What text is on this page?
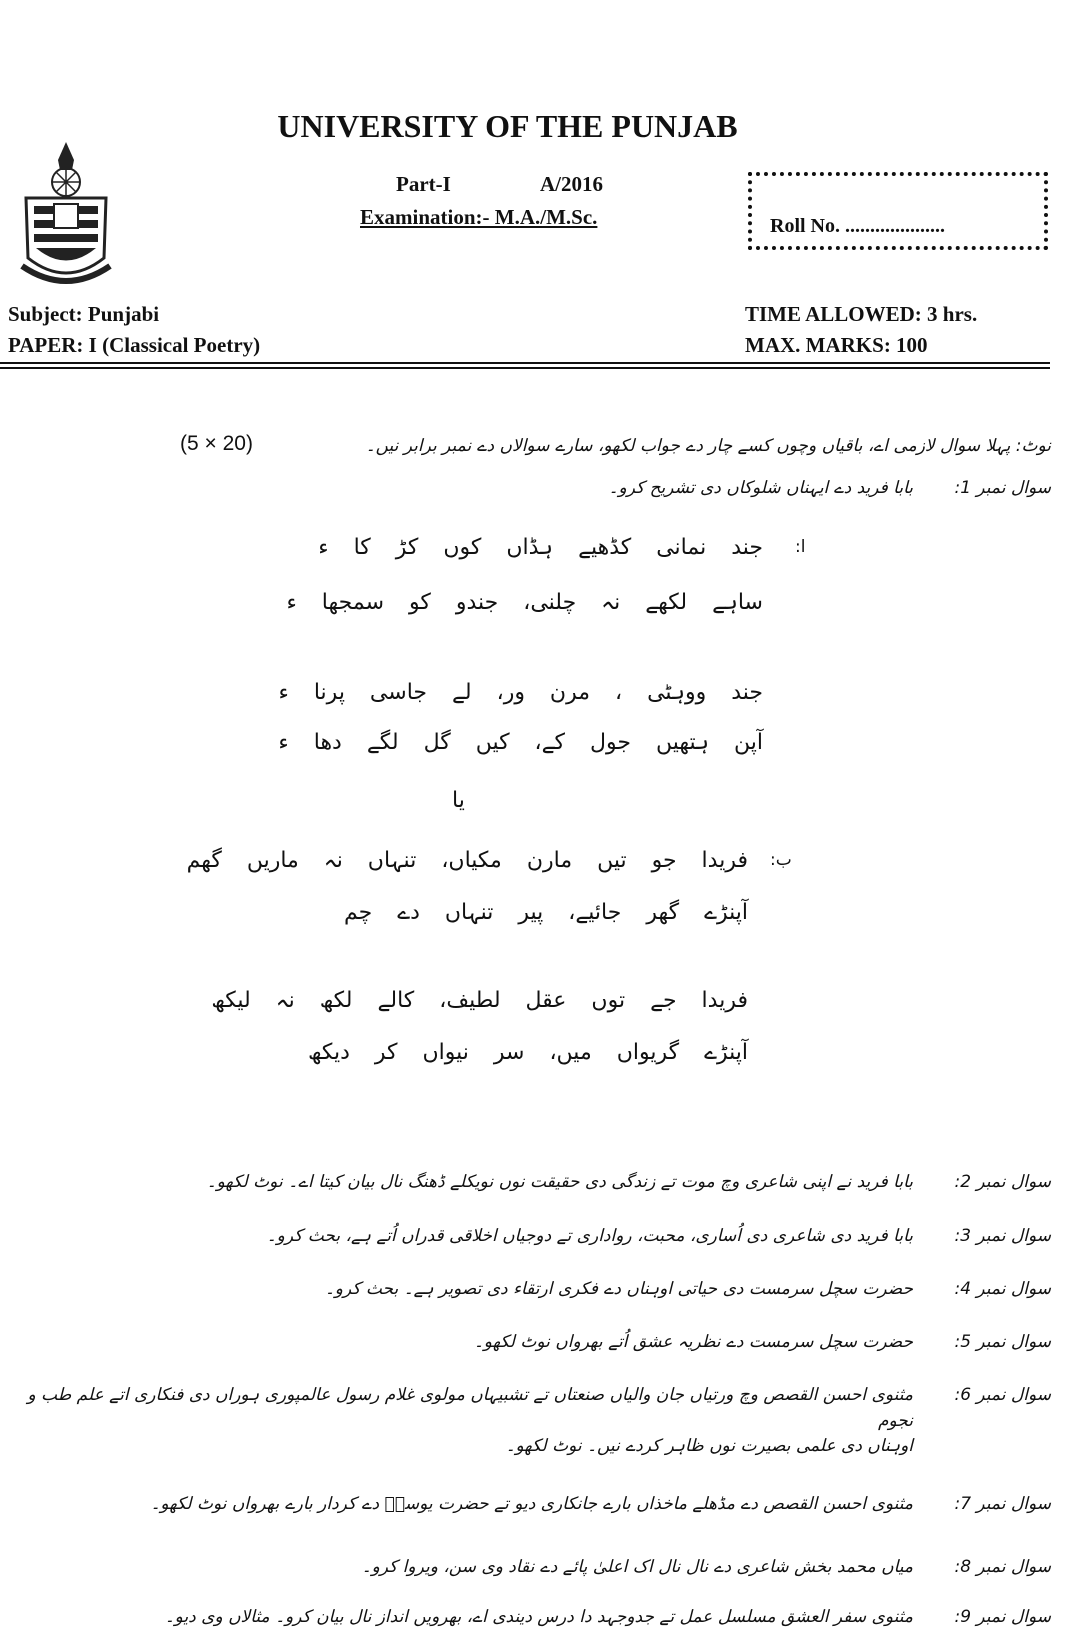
UNIVERSITY OF THE PUNJAB
Part-I	A/2016
Examination:- M.A./M.Sc.	Roll No. ....................
Subject: Punjabi
PAPER: I (Classical Poetry)
TIME ALLOWED: 3 hrs.
MAX. MARKS: 100
نوٹ: پہلا سوال لازمی اے، باقیاں وچوں کسے چار دے جواب لکھو، سارے سوالاں دے نمبر برابر نیں۔
(5 × 20)
سوال نمبر 1:
بابا فرید دے ایہناں شلوکاں دی تشریح کرو۔
ا:
جند نمانی کڈھیے ہڈاں کوں کڑ کا ء
ساہے لکھے نہ چلنی، جندو کو سمجھا ء
جند ووہٹی ، مرن ور، لے جاسی پرنا ء
آپن ہتھیں جول کے، کیں گل لگے دھا ء
یا
ب:
فریدا جو تیں مارن مکیاں، تنہاں نہ ماریں گھم
آپنڑے گھر جائیے، پیر تنہاں دے چم
فریدا جے توں عقل لطیف، کالے لکھ نہ لیکھ
آپنڑے گریواں میں، سر نیواں کر دیکھ
سوال نمبر 2:
بابا فرید نے اپنی شاعری وچ موت تے زندگی دی حقیقت نوں نویکلے ڈھنگ نال بیان کیتا اے۔ نوٹ لکھو۔
سوال نمبر 3:
بابا فرید دی شاعری دی اُساری، محبت، رواداری تے دوجیاں اخلاقی قدراں اُتے ہے، بحث کرو۔
سوال نمبر 4:
حضرت سچل سرمست دی حیاتی اوہناں دے فکری ارتقاء دی تصویر ہے۔ بحث کرو۔
سوال نمبر 5:
حضرت سچل سرمست دے نظریہ عشق اُتے بھرواں نوٹ لکھو۔
سوال نمبر 6:
مثنوی احسن القصص وچ ورتیاں جان والیاں صنعتاں تے تشبیہاں مولوی غلام رسول عالمپوری ہوراں دی فنکاری اتے علم طب و نجوم
اوہناں دی علمی بصیرت نوں ظاہر کردے نیں۔ نوٹ لکھو۔
سوال نمبر 7:
مثنوی احسن القصص دے مڈھلے ماخذاں بارے جانکاری دیو تے حضرت یوسفؑ دے کردار بارے بھرواں نوٹ لکھو۔
سوال نمبر 8:
میاں محمد بخش شاعری دے نال نال اک اعلیٰ پائے دے نقاد وی سن، ویروا کرو۔
سوال نمبر 9:
مثنوی سفر العشق مسلسل عمل تے جدوجہد دا درس دیندی اے، بھرویں انداز نال بیان کرو۔ مثالاں وی دیو۔
